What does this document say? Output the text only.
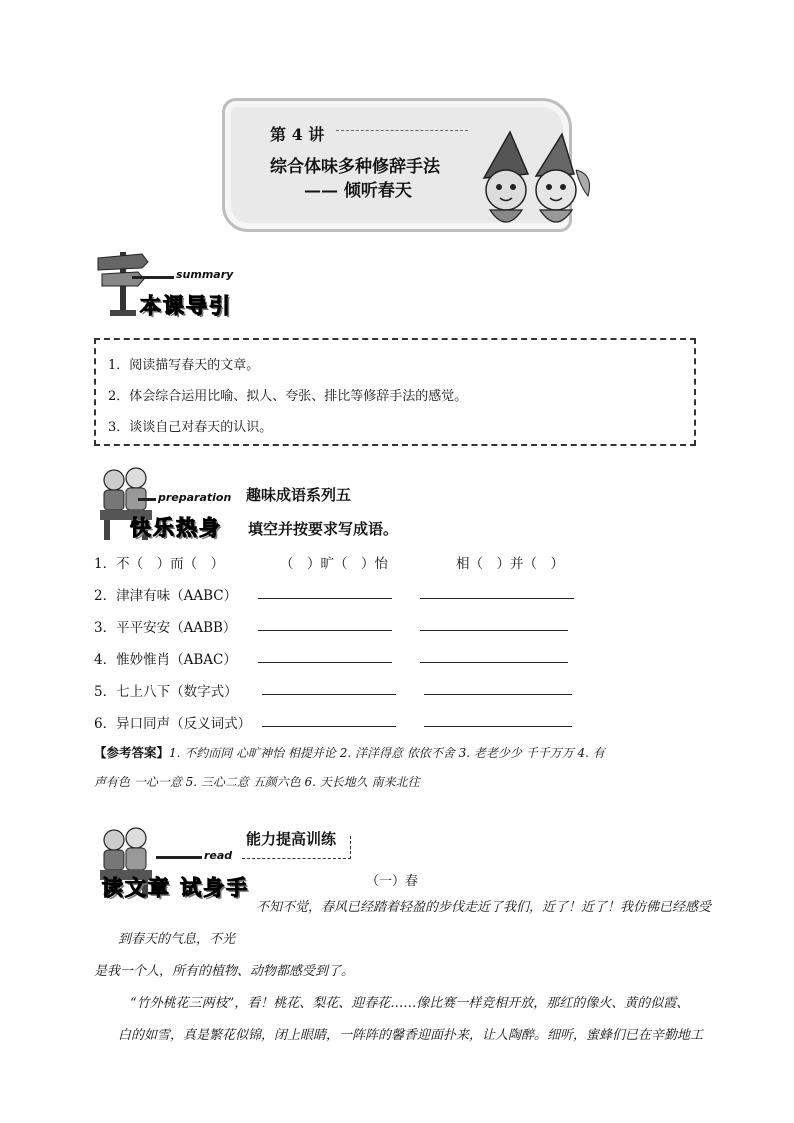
第 4 讲
综合体味多种修辞手法
—— 倾听春天
summary
本课导引
1．阅读描写春天的文章。
2．体会综合运用比喻、拟人、夸张、排比等修辞手法的感觉。
3．谈谈自己对春天的认识。
preparation
快乐热身
趣味成语系列五
填空并按要求写成语。
1．不（　）而（　）	（　）旷（　）怡	相（　）并（　）
2．津津有味（AABC）
3．平平安安（AABB）
4．惟妙惟肖（ABAC）
5．七上八下（数字式）
6．异口同声（反义词式）
【参考答案】1. 不约而同 心旷神怡 相提并论 2. 洋洋得意 依依不舍 3. 老老少少 千千万万 4. 有
声有色 一心一意 5. 三心二意 五颜六色 6. 天长地久 南来北往
read
读文章 试身手
能力提高训练
（一）春
不知不觉，春风已经踏着轻盈的步伐走近了我们，近了！近了！我仿佛已经感受
到春天的气息，不光
是我一个人，所有的植物、动物都感受到了。
“竹外桃花三两枝”，看！桃花、梨花、迎春花……像比赛一样竞相开放，那红的像火、黄的似霞、
白的如雪，真是繁花似锦，闭上眼睛，一阵阵的馨香迎面扑来，让人陶醉。细听，蜜蜂们已在辛勤地工
